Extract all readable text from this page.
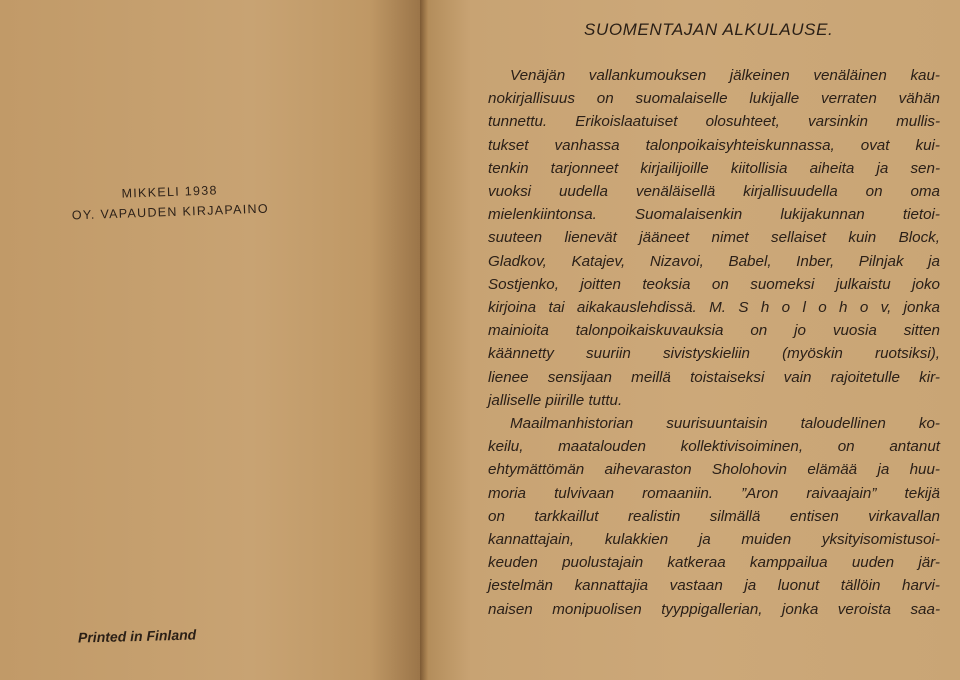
MIKKELI 1938
OY. VAPAUDEN KIRJAPAINO
Printed in Finland
SUOMENTAJAN ALKULAUSE.
Venäjän vallankumouksen jälkeinen venäläinen kau-
nokirjallisuus on suomalaiselle lukijalle verraten vähän
tunnettu. Erikoislaatuiset olosuhteet, varsinkin mullis-
tukset vanhassa talonpoikaisyhteiskunnassa, ovat kui-
tenkin tarjonneet kirjailijoille kiitollisia aiheita ja sen-
vuoksi uudella venäläisellä kirjallisuudella on oma
mielenkiintonsa. Suomalaisenkin lukijakunnan tietoi-
suuteen lienevät jääneet nimet sellaiset kuin Block,
Gladkov, Katajev, Nizavoi, Babel, Inber, Pilnjak ja
Sostjenko, joitten teoksia on suomeksi julkaistu joko
kirjoina tai aikakauslehdissä. M. S h o l o h o v, jonka
mainioita talonpoikaiskuvauksia on jo vuosia sitten
käännetty suuriin sivistyskieliin (myöskin ruotsiksi),
lienee sensijaan meillä toistaiseksi vain rajoitetulle kir-
jalliselle piirille tuttu.
Maailmanhistorian suurisuuntaisin taloudellinen ko-
keilu, maatalouden kollektivisoiminen, on antanut
ehtymättömän aihevaraston Sholohovin elämää ja huu-
moria tulvivaan romaaniin. ”Aron raivaajain” tekijä
on tarkkaillut realistin silmällä entisen virkavallan
kannattajain, kulakkien ja muiden yksityisomistusoi-
keuden puolustajain katkeraa kamppailua uuden jär-
jestelmän kannattajia vastaan ja luonut tällöin harvi-
naisen monipuolisen tyyppigallerian, jonka veroista saa-
